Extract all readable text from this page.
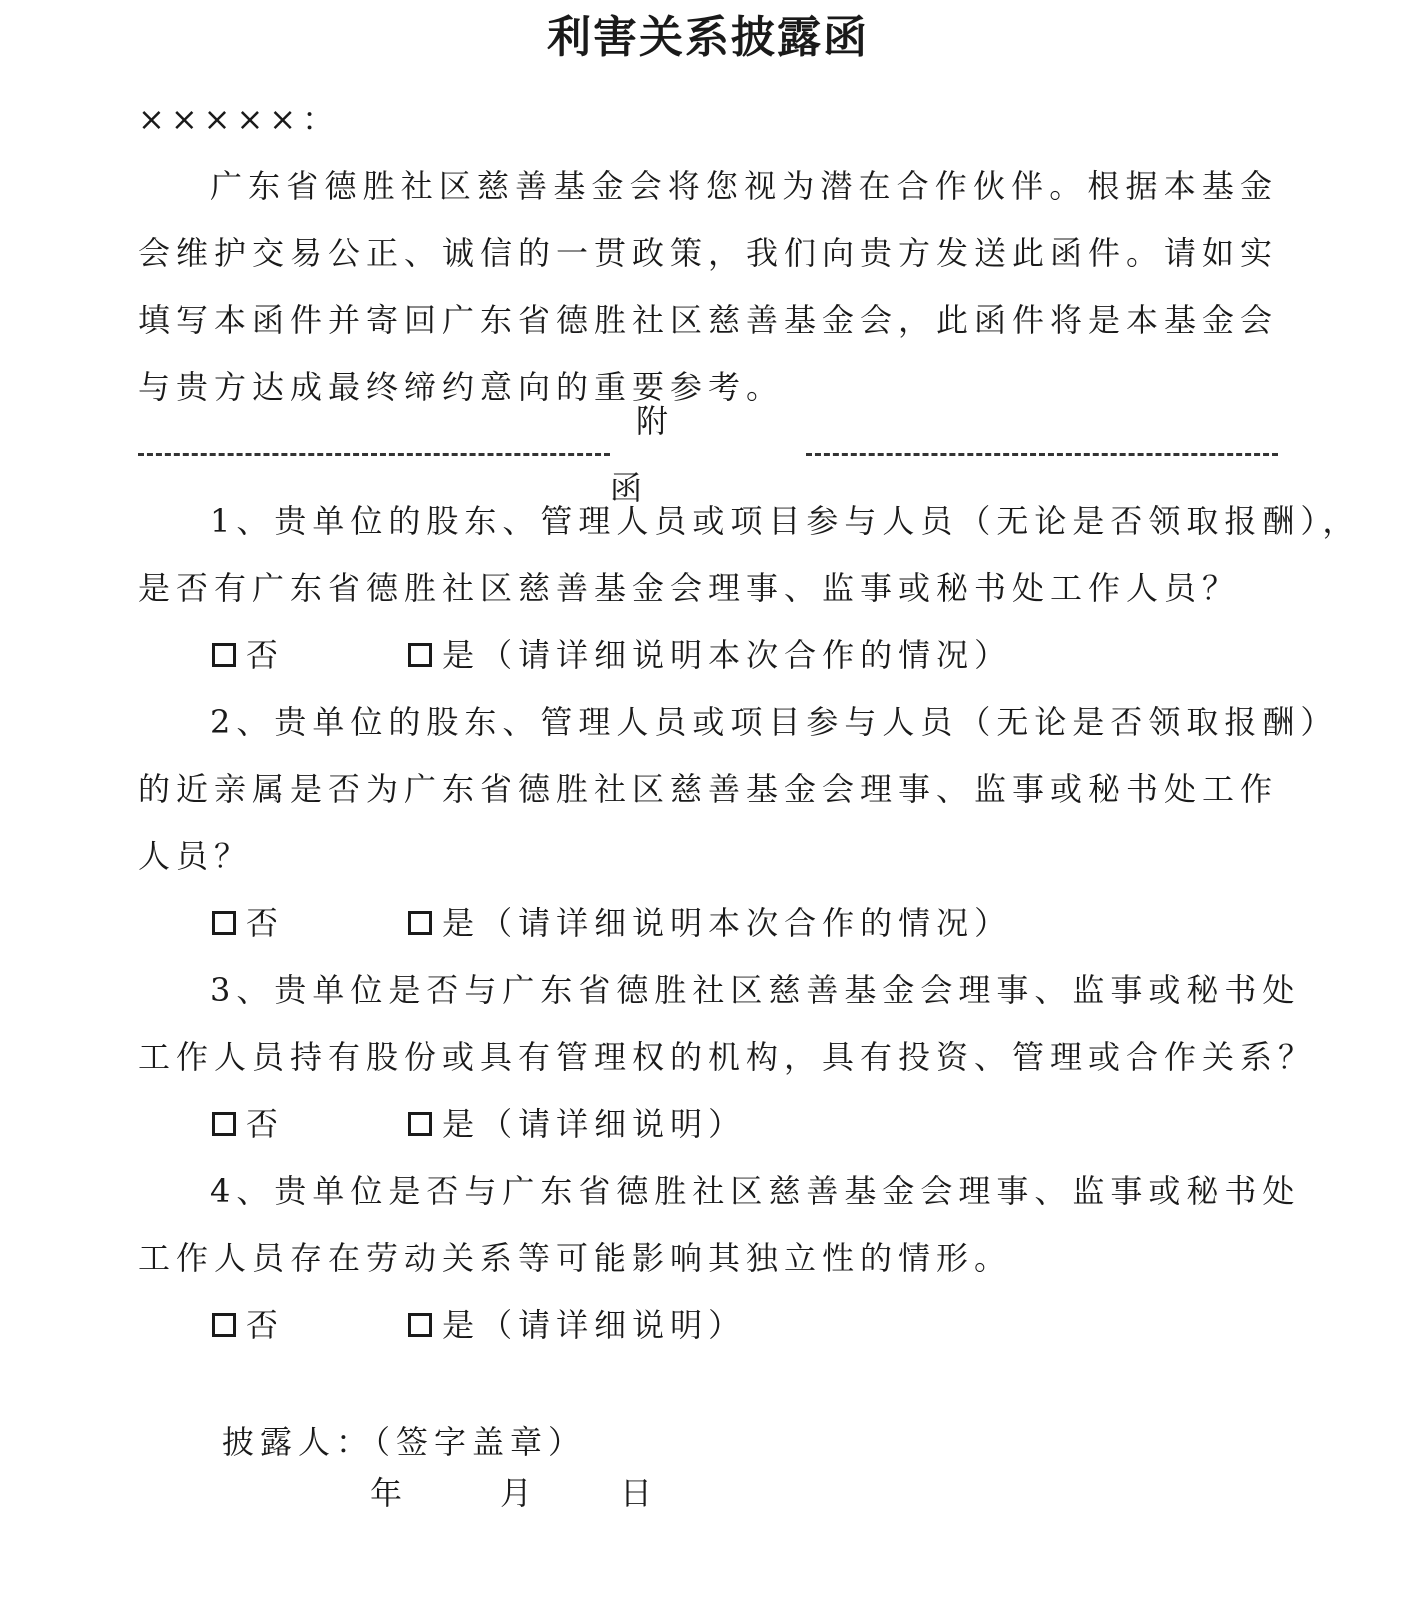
利害关系披露函
×××××：
广东省德胜社区慈善基金会将您视为潜在合作伙伴。根据本基金
会维护交易公正、诚信的一贯政策，我们向贵方发送此函件。请如实
填写本函件并寄回广东省德胜社区慈善基金会，此函件将是本基金会
与贵方达成最终缔约意向的重要参考。
附函
1、贵单位的股东、管理人员或项目参与人员（无论是否领取报酬），
是否有广东省德胜社区慈善基金会理事、监事或秘书处工作人员？
否	是（请详细说明本次合作的情况）
2、贵单位的股东、管理人员或项目参与人员（无论是否领取报酬）
的近亲属是否为广东省德胜社区慈善基金会理事、监事或秘书处工作
人员？
否	是（请详细说明本次合作的情况）
3、贵单位是否与广东省德胜社区慈善基金会理事、监事或秘书处
工作人员持有股份或具有管理权的机构，具有投资、管理或合作关系？
否	是（请详细说明）
4、贵单位是否与广东省德胜社区慈善基金会理事、监事或秘书处
工作人员存在劳动关系等可能影响其独立性的情形。
否	是（请详细说明）
披露人：（签字盖章）
年	月	日
